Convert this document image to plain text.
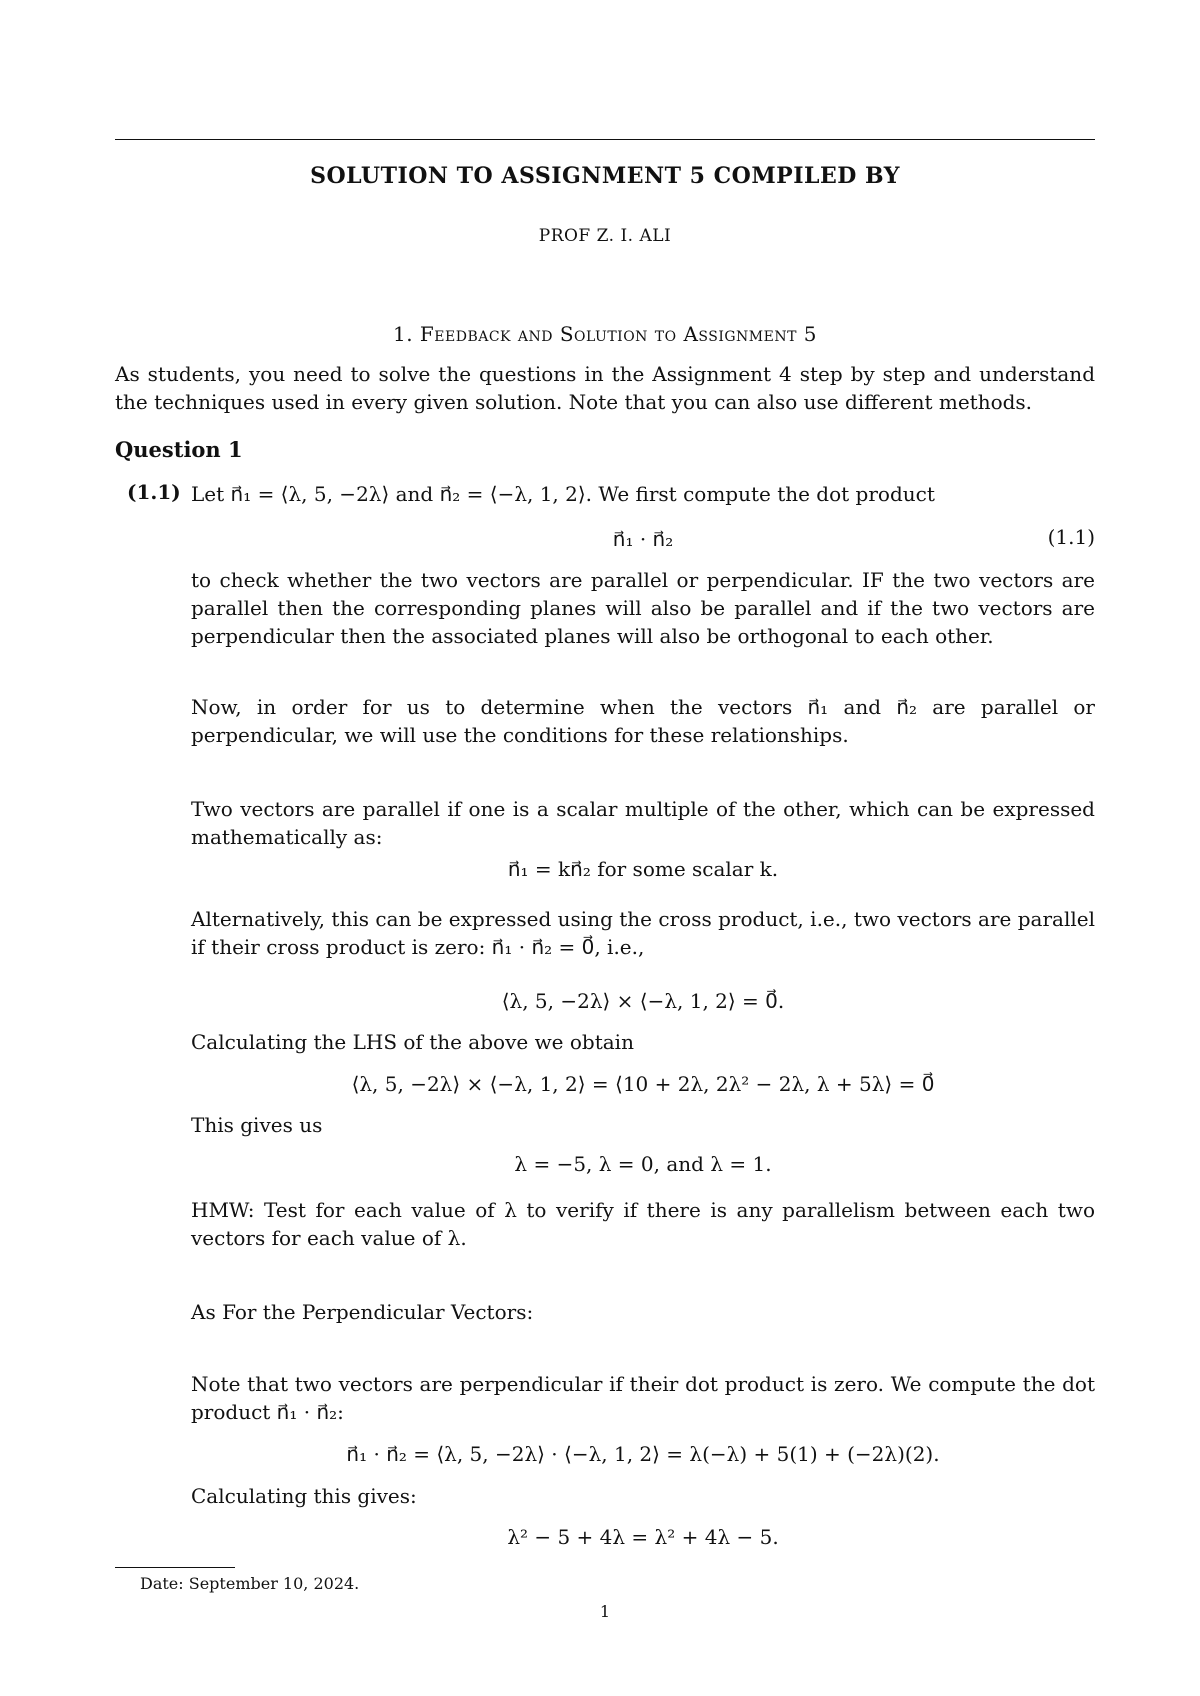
SOLUTION TO ASSIGNMENT 5 COMPILED BY
PROF Z. I. ALI
1. Feedback and Solution to Assignment 5
As students, you need to solve the questions in the Assignment 4 step by step and understand the techniques used in every given solution. Note that you can also use different methods.
Question 1
(1.1) Let n⃗₁ = ⟨λ, 5, −2λ⟩ and n⃗₂ = ⟨−λ, 1, 2⟩. We first compute the dot product
n⃗₁ · n⃗₂	(1.1)
to check whether the two vectors are parallel or perpendicular. IF the two vectors are parallel then the corresponding planes will also be parallel and if the two vectors are perpendicular then the associated planes will also be orthogonal to each other.
Now, in order for us to determine when the vectors n⃗₁ and n⃗₂ are parallel or perpendicular, we will use the conditions for these relationships.
Two vectors are parallel if one is a scalar multiple of the other, which can be expressed mathematically as:
n⃗₁ = kn⃗₂ for some scalar k.
Alternatively, this can be expressed using the cross product, i.e., two vectors are parallel if their cross product is zero: n⃗₁ · n⃗₂ = 0⃗, i.e.,
⟨λ, 5, −2λ⟩ × ⟨−λ, 1, 2⟩ = 0⃗.
Calculating the LHS of the above we obtain
⟨λ, 5, −2λ⟩ × ⟨−λ, 1, 2⟩ = ⟨10 + 2λ, 2λ² − 2λ, λ + 5λ⟩ = 0⃗
This gives us
λ = −5, λ = 0, and λ = 1.
HMW: Test for each value of λ to verify if there is any parallelism between each two vectors for each value of λ.
As For the Perpendicular Vectors:
Note that two vectors are perpendicular if their dot product is zero. We compute the dot product n⃗₁ · n⃗₂:
n⃗₁ · n⃗₂ = ⟨λ, 5, −2λ⟩ · ⟨−λ, 1, 2⟩ = λ(−λ) + 5(1) + (−2λ)(2).
Calculating this gives:
λ² − 5 + 4λ = λ² + 4λ − 5.
Date: September 10, 2024.
1
